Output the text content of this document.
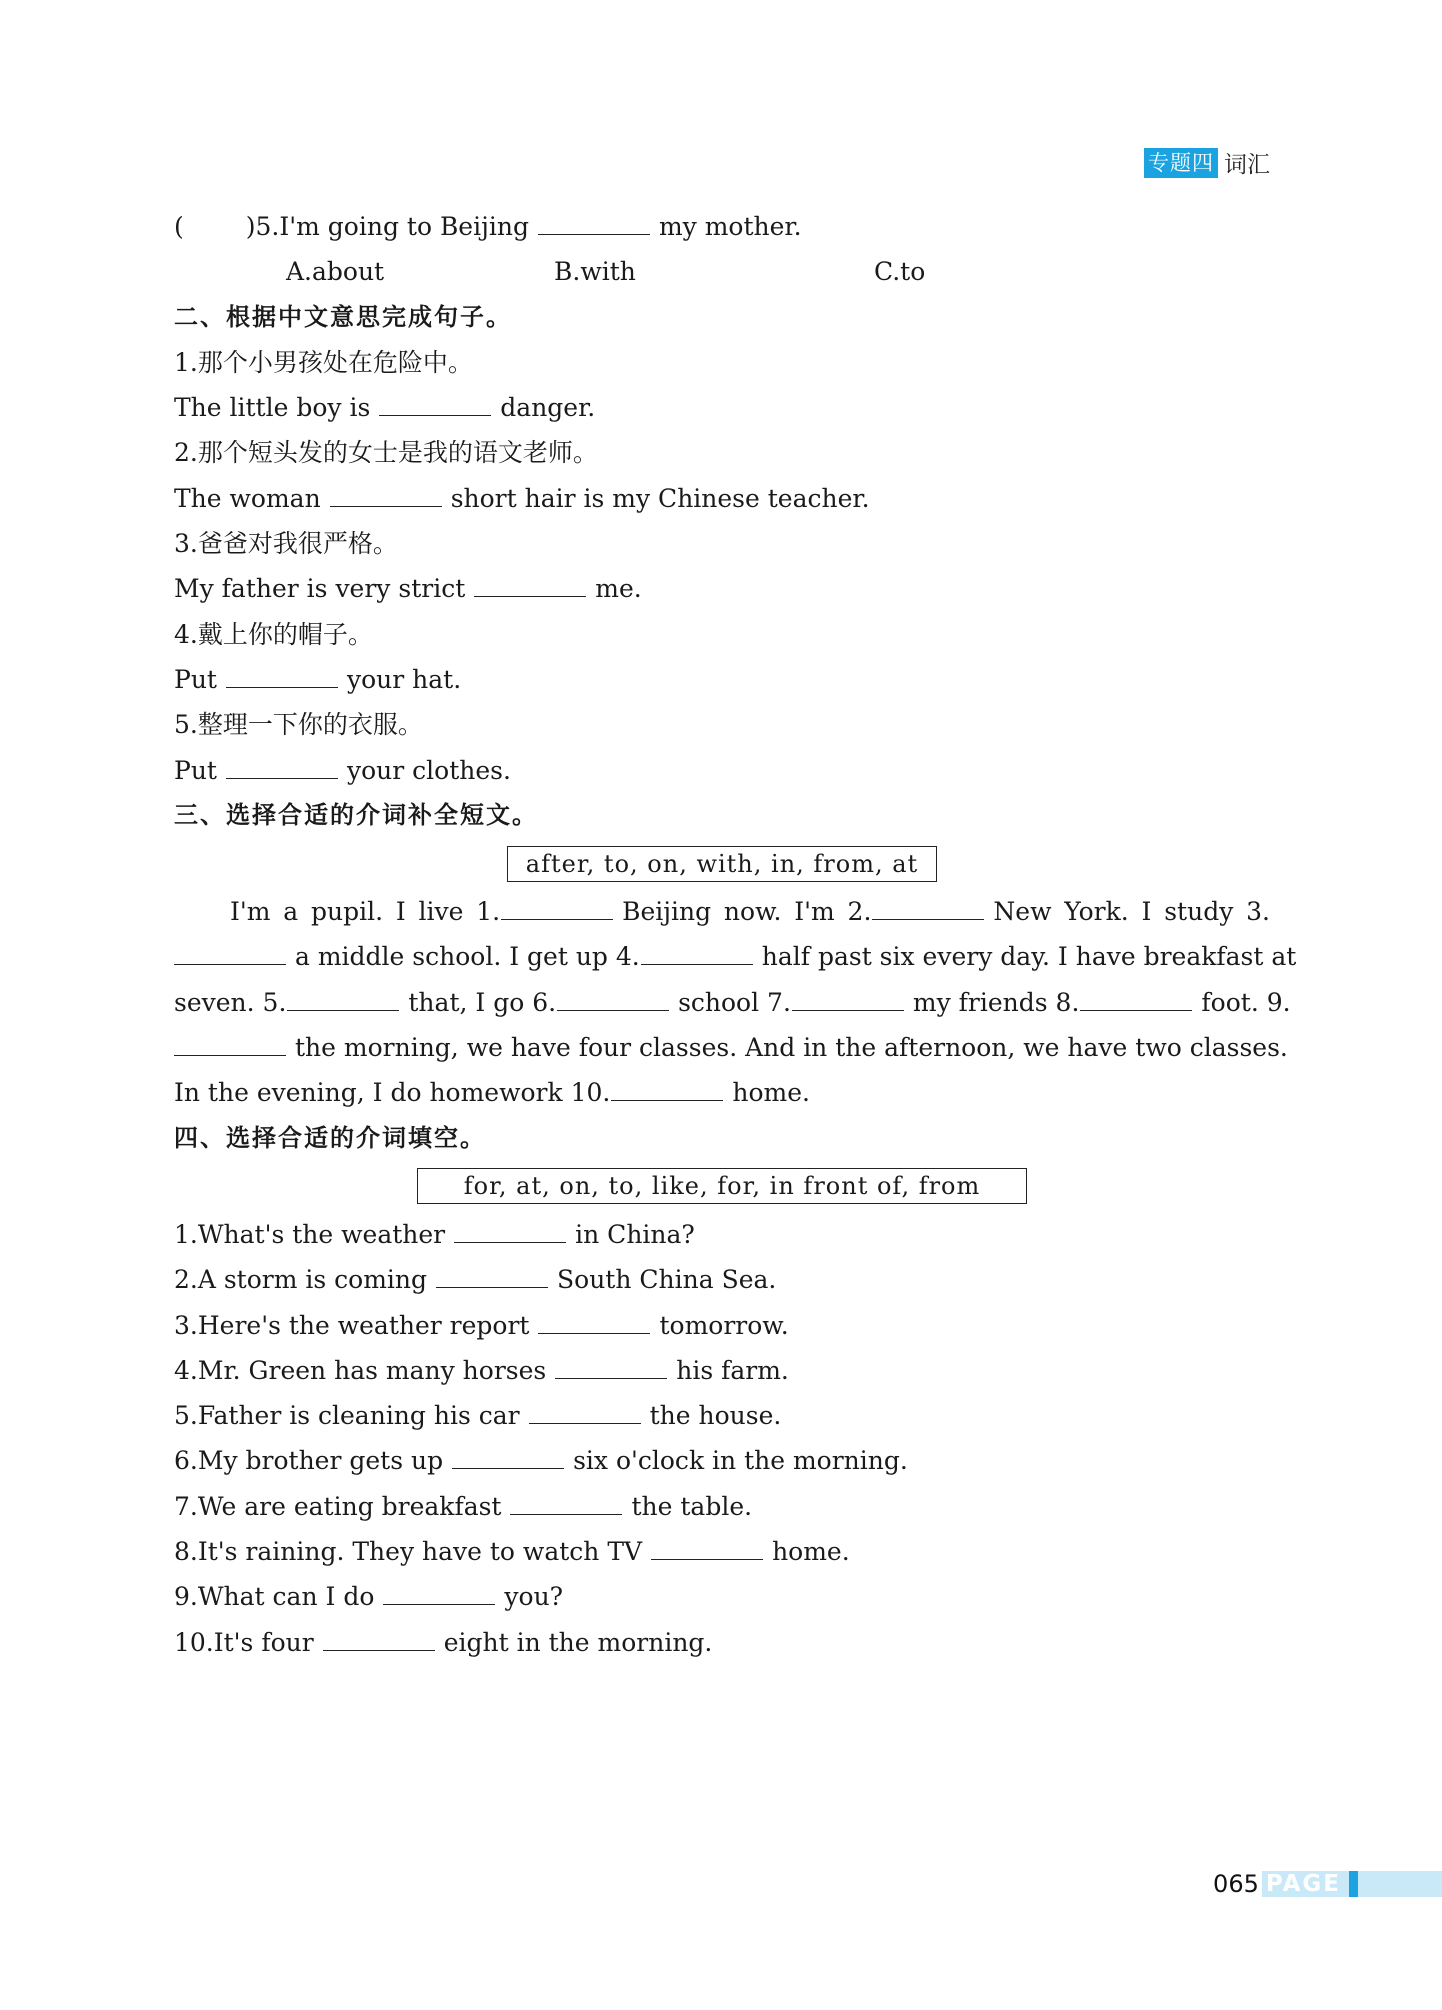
专题四 词汇
( )5.I'm going to Beijing	my mother.
A.about	B.with	C.to
二、根据中文意思完成句子。
1.那个小男孩处在危险中。
The little boy is	danger.
2.那个短头发的女士是我的语文老师。
The woman	short hair is my Chinese teacher.
3.爸爸对我很严格。
My father is very strict	me.
4.戴上你的帽子。
Put	your hat.
5.整理一下你的衣服。
Put	your clothes.
三、选择合适的介词补全短文。
after, to, on, with, in, from, at
I'm a pupil. I live 1.	Beijing now. I'm 2.	New York. I study 3.
a middle school. I get up 4.	half past six every day. I have breakfast at
seven. 5.	that, I go 6.	school 7.	my friends 8.	foot. 9.
the morning, we have four classes. And in the afternoon, we have two classes.
In the evening, I do homework 10.	home.
四、选择合适的介词填空。
for, at, on, to, like, for, in front of, from
1.What's the weather	in China?
2.A storm is coming	South China Sea.
3.Here's the weather report	tomorrow.
4.Mr. Green has many horses	his farm.
5.Father is cleaning his car	the house.
6.My brother gets up	six o'clock in the morning.
7.We are eating breakfast	the table.
8.It's raining. They have to watch TV	home.
9.What can I do	you?
10.It's four	eight in the morning.
065 PAGE
